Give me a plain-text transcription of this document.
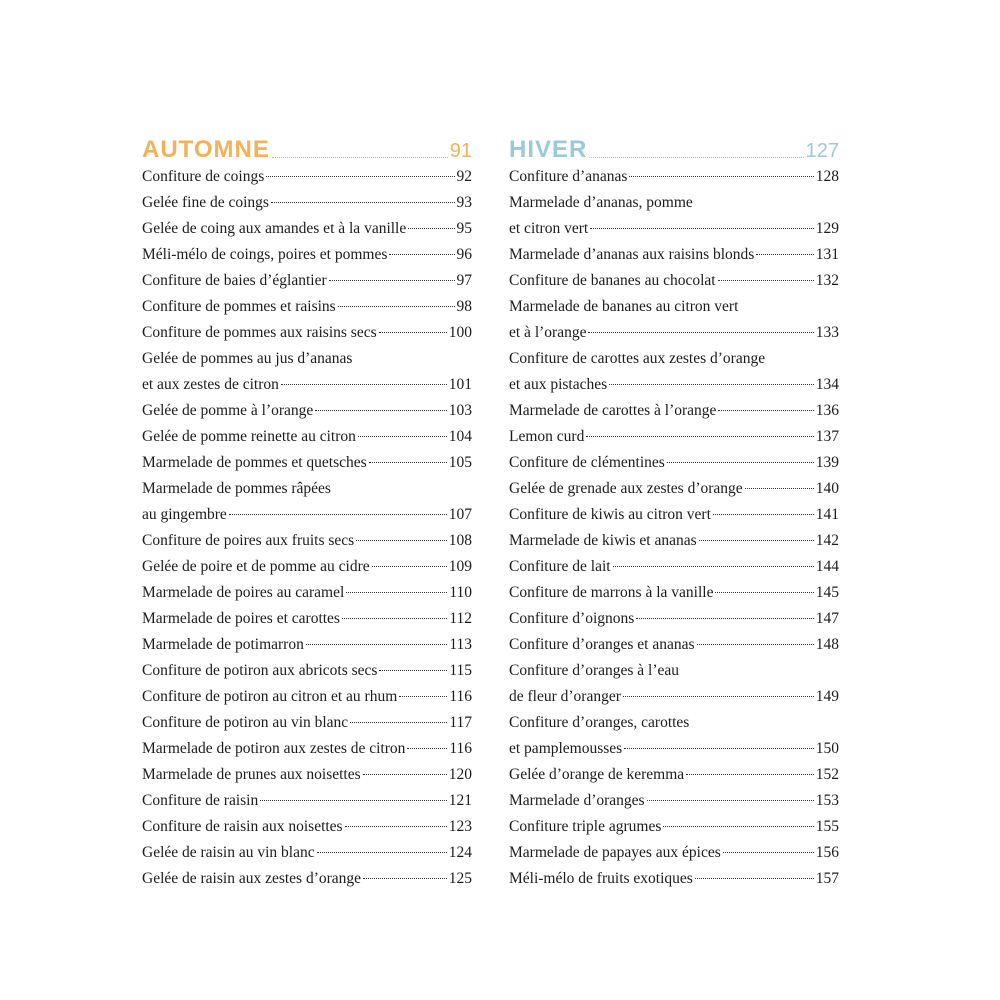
AUTOMNE	91
Confiture de coings	92
Gelée fine de coings	93
Gelée de coing aux amandes et à la vanille	95
Méli-mélo de coings, poires et pommes	96
Confiture de baies d’églantier	97
Confiture de pommes et raisins	98
Confiture de pommes aux raisins secs	100
Gelée de pommes au jus d’ananas
et aux zestes de citron	101
Gelée de pomme à l’orange	103
Gelée de pomme reinette au citron	104
Marmelade de pommes et quetsches	105
Marmelade de pommes râpées
au gingembre	107
Confiture de poires aux fruits secs	108
Gelée de poire et de pomme au cidre	109
Marmelade de poires au caramel	110
Marmelade de poires et carottes	112
Marmelade de potimarron	113
Confiture de potiron aux abricots secs	115
Confiture de potiron au citron et au rhum	116
Confiture de potiron au vin blanc	117
Marmelade de potiron aux zestes de citron	116
Marmelade de prunes aux noisettes	120
Confiture de raisin	121
Confiture de raisin aux noisettes	123
Gelée de raisin au vin blanc	124
Gelée de raisin aux zestes d’orange	125
HIVER	127
Confiture d’ananas	128
Marmelade d’ananas, pomme
et citron vert	129
Marmelade d’ananas aux raisins blonds	131
Confiture de bananes au chocolat	132
Marmelade de bananes au citron vert
et à l’orange	133
Confiture de carottes aux zestes d’orange
et aux pistaches	134
Marmelade de carottes à l’orange	136
Lemon curd	137
Confiture de clémentines	139
Gelée de grenade aux zestes d’orange	140
Confiture de kiwis au citron vert	141
Marmelade de kiwis et ananas	142
Confiture de lait	144
Confiture de marrons à la vanille	145
Confiture d’oignons	147
Confiture d’oranges et ananas	148
Confiture d’oranges à l’eau
de fleur d’oranger	149
Confiture d’oranges, carottes
et pamplemousses	150
Gelée d’orange de keremma	152
Marmelade d’oranges	153
Confiture triple agrumes	155
Marmelade de papayes aux épices	156
Méli-mélo de fruits exotiques	157
